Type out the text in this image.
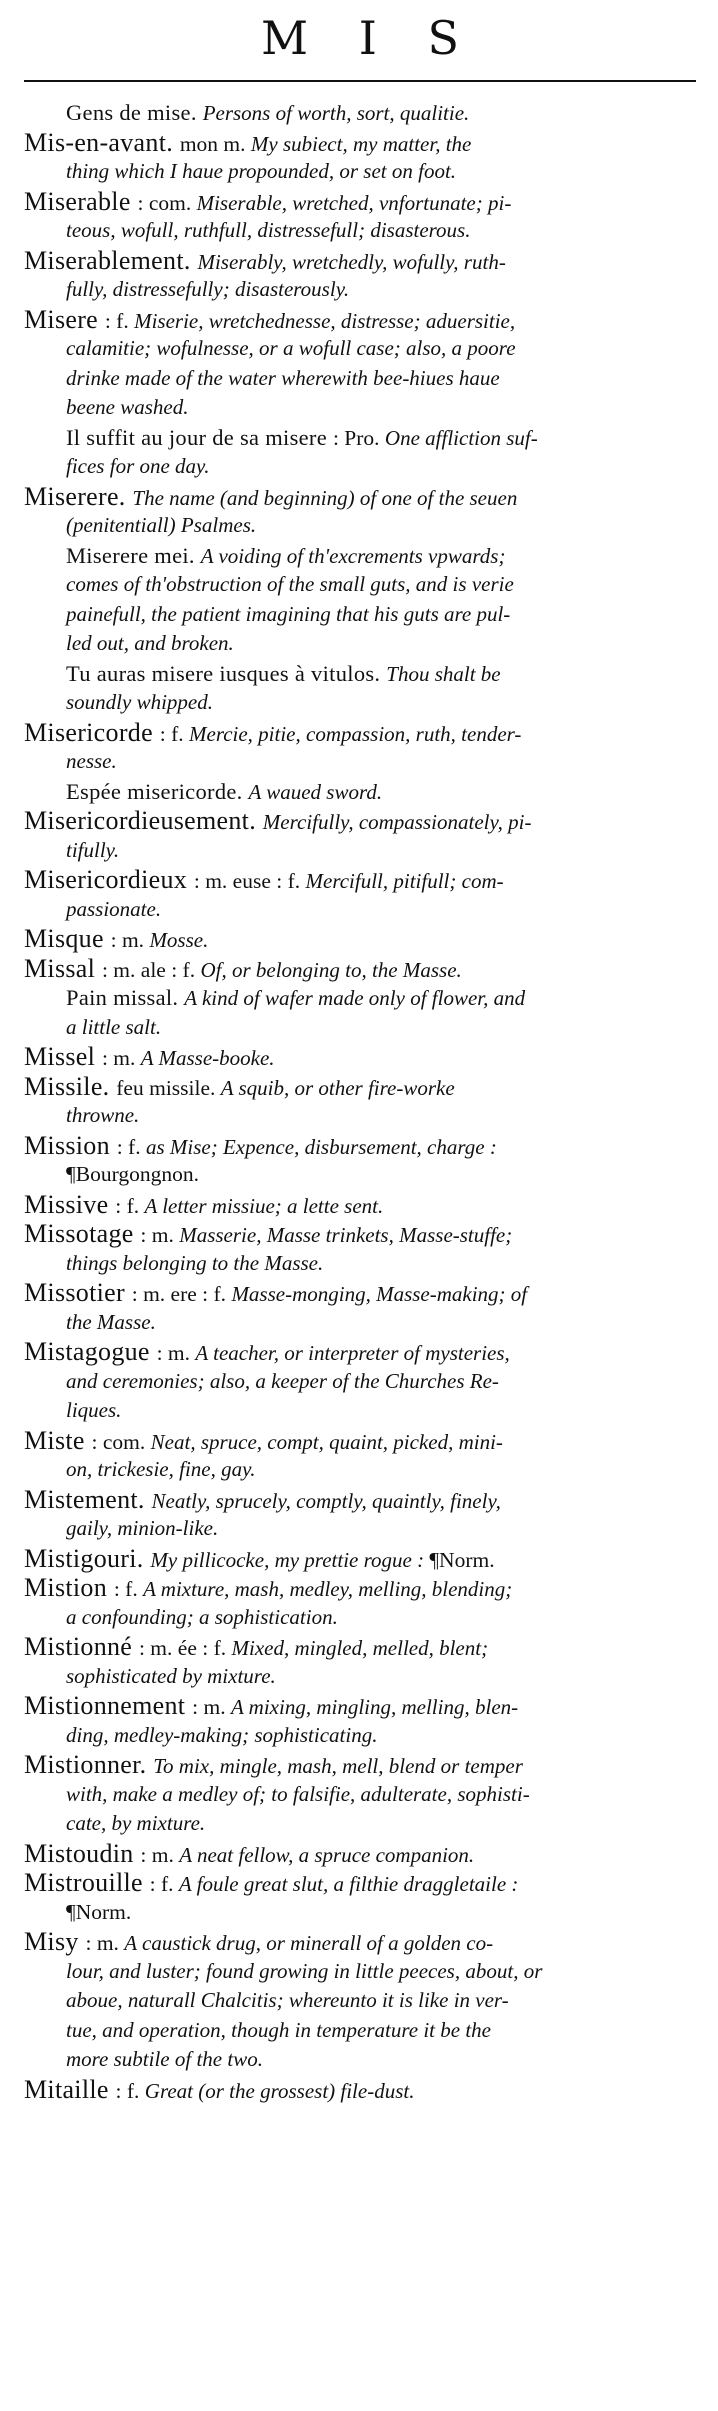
M I S
Gens de mise. Persons of worth, sort, qualitie.
Mis-en-avant. mon m. My subiect, my matter, the
thing which I haue propounded, or set on foot.
Miserable : com. Miserable, wretched, vnfortunate; pi-
teous, wofull, ruthfull, distressefull; disasterous.
Miserablement. Miserably, wretchedly, wofully, ruth-
fully, distressefully; disasterously.
Misere : f. Miserie, wretchednesse, distresse; aduersitie,
calamitie; wofulnesse, or a wofull case; also, a poore
drinke made of the water wherewith bee-hiues haue
beene washed.
Il suffit au jour de sa misere : Pro. One affliction suf-
fices for one day.
Miserere. The name (and beginning) of one of the seuen
(penitentiall) Psalmes.
Miserere mei. A voiding of th'excrements vpwards;
comes of th'obstruction of the small guts, and is verie
painefull, the patient imagining that his guts are pul-
led out, and broken.
Tu auras misere iusques à vitulos. Thou shalt be
soundly whipped.
Misericorde : f. Mercie, pitie, compassion, ruth, tender-
nesse.
Espée misericorde. A waued sword.
Misericordieusement. Mercifully, compassionately, pi-
tifully.
Misericordieux : m. euse : f. Mercifull, pitifull; com-
passionate.
Misque : m. Mosse.
Missal : m. ale : f. Of, or belonging to, the Masse.
Pain missal. A kind of wafer made only of flower, and
a little salt.
Missel : m. A Masse-booke.
Missile. feu missile. A squib, or other fire-worke
throwne.
Mission : f. as Mise; Expence, disbursement, charge :
¶Bourgongnon.
Missive : f. A letter missiue; a lette sent.
Missotage : m. Masserie, Masse trinkets, Masse-stuffe;
things belonging to the Masse.
Missotier : m. ere : f. Masse-monging, Masse-making; of
the Masse.
Mistagogue : m. A teacher, or interpreter of mysteries,
and ceremonies; also, a keeper of the Churches Re-
liques.
Miste : com. Neat, spruce, compt, quaint, picked, mini-
on, trickesie, fine, gay.
Mistement. Neatly, sprucely, comptly, quaintly, finely,
gaily, minion-like.
Mistigouri. My pillicocke, my prettie rogue : ¶Norm.
Mistion : f. A mixture, mash, medley, melling, blending;
a confounding; a sophistication.
Mistionné : m. ée : f. Mixed, mingled, melled, blent;
sophisticated by mixture.
Mistionnement : m. A mixing, mingling, melling, blen-
ding, medley-making; sophisticating.
Mistionner. To mix, mingle, mash, mell, blend or temper
with, make a medley of; to falsifie, adulterate, sophisti-
cate, by mixture.
Mistoudin : m. A neat fellow, a spruce companion.
Mistrouille : f. A foule great slut, a filthie draggletaile :
¶Norm.
Misy : m. A caustick drug, or minerall of a golden co-
lour, and luster; found growing in little peeces, about, or
aboue, naturall Chalcitis; whereunto it is like in ver-
tue, and operation, though in temperature it be the
more subtile of the two.
Mitaille : f. Great (or the grossest) file-dust.
